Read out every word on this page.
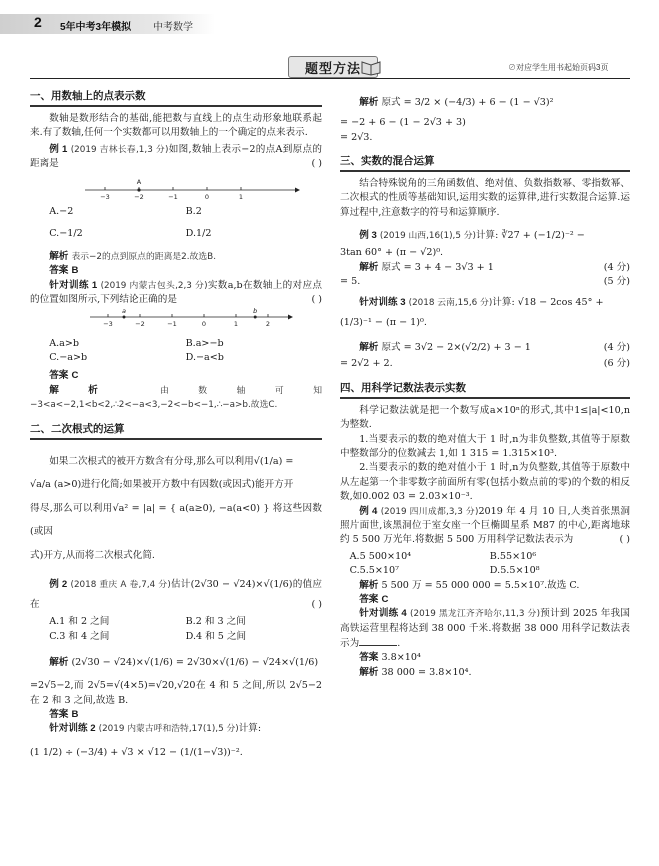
2 5年中考3年模拟 中考数学
题型方法	⊘对应学生用书起始页码3页
一、用数轴上的点表示数
数轴是数形结合的基础,能把数与直线上的点生动形象地联系起来.有了数轴,任何一个实数都可以用数轴上的一个确定的点来表示.
例 1 (2019 吉林长春,1,3 分)如图,数轴上表示−2的点A到原点的距离是	( )
−3	−2	−1	0	1
A
A.−2	B.2
C.−1/2	D.1/2
解析 表示−2的点到原点的距离是2.故选B.
答案 B
针对训练 1 (2019 内蒙古包头,2,3 分)实数a,b在数轴上的对应点的位置如图所示,下列结论正确的是	( )
−3	−2	−1	0	1	2
a	b
A.a>b	B.a>−b
C.−a>b	D.−a<b
答案 C
解析	由数轴可知−3<a<−2,1<b<2,∴2<−a<3,−2<−b<−1,∴−a>b.故选C.
二、二次根式的运算
如果二次根式的被开方数含有分母,那么可以利用√(1/a) =
√a/a (a>0)进行化简;如果被开方数中有因数(或因式)能开方开
得尽,那么可以利用√a² = |a| = { a(a≥0), −a(a<0) } 将这些因数(或因
式)开方,从而将二次根式化简.
例 2 (2018 重庆 A 卷,7,4 分)估计(2√30 − √24)×√(1/6)的值应在	( )
A.1 和 2 之间	B.2 和 3 之间
C.3 和 4 之间	D.4 和 5 之间
解析 (2√30 − √24)×√(1/6) = 2√30×√(1/6) − √24×√(1/6)
=2√5−2,而 2√5=√(4×5)=√20,√20在 4 和 5 之间,所以 2√5−2在 2 和 3 之间,故选 B.
答案 B
针对训练 2 (2019 内蒙古呼和浩特,17(1),5 分)计算:
(1 1/2) ÷ (−3/4) + √3 × √12 − (1/(1−√3))⁻².
解析 原式 = 3/2 × (−4/3) + 6 − (1 − √3)²
= −2 + 6 − (1 − 2√3 + 3)
= 2√3.
三、实数的混合运算
结合特殊锐角的三角函数值、绝对值、负数指数幂、零指数幂、二次根式的性质等基础知识,运用实数的运算律,进行实数混合运算.运算过程中,注意数字的符号和运算顺序.
例 3 (2019 山西,16(1),5 分)计算: ∛27 + (−1/2)⁻² −
3tan 60° + (π − √2)⁰.
解析 原式 = 3 + 4 − 3√3 + 1	(4 分)
= 5.	(5 分)
针对训练 3 (2018 云南,15,6 分)计算: √18 − 2cos 45° +
(1/3)⁻¹ − (π − 1)⁰.
解析 原式 = 3√2 − 2×(√2/2) + 3 − 1	(4 分)
= 2√2 + 2.	(6 分)
四、用科学记数法表示实数
科学记数法就是把一个数写成a×10ⁿ的形式,其中1≤|a|<10,n为整数.
1.当要表示的数的绝对值大于 1 时,n为非负整数,其值等于原数中整数部分的位数减去 1,如 1 315 = 1.315×10³.
2.当要表示的数的绝对值小于 1 时,n为负整数,其值等于原数中从左起第一个非零数字前面所有零(包括小数点前的零)的个数的相反数,如0.002 03 = 2.03×10⁻³.
例 4 (2019 四川成都,3,3 分)2019 年 4 月 10 日,人类首张黑洞照片面世,该黑洞位于室女座一个巨椭圆星系 M87 的中心,距离地球约 5 500 万光年.将数据 5 500 万用科学记数法表示为	( )
A.5 500×10⁴	B.55×10⁶
C.5.5×10⁷	D.5.5×10⁸
解析 5 500 万 = 55 000 000 = 5.5×10⁷.故选 C.
答案 C
针对训练 4 (2019 黑龙江齐齐哈尔,11,3 分)预计到 2025 年我国高铁运营里程将达到 38 000 千米.将数据 38 000 用科学记数法表示为	.
答案 3.8×10⁴
解析 38 000 = 3.8×10⁴.
